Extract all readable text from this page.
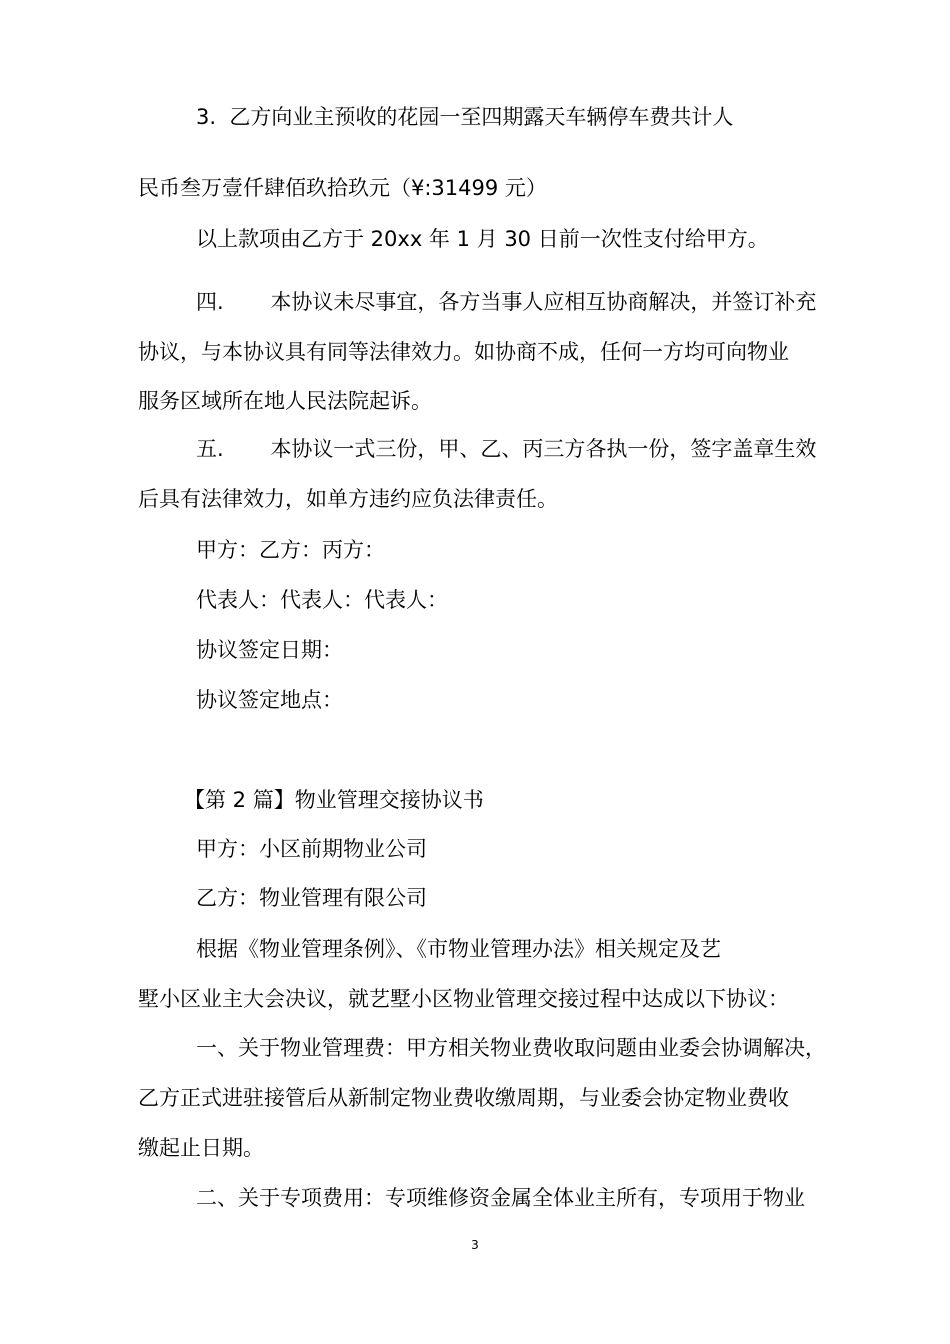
3.  乙方向业主预收的花园一至四期露天车辆停车费共计人
民币叁万壹仟肆佰玖拾玖元（¥:31499 元）
以上款项由乙方于 20xx 年 1 月 30 日前一次性支付给甲方。
四.       本协议未尽事宜，各方当事人应相互协商解决，并签订补充
协议，与本协议具有同等法律效力。如协商不成，任何一方均可向物业
服务区域所在地人民法院起诉。
五.       本协议一式三份，甲、乙、丙三方各执一份，签字盖章生效
后具有法律效力，如单方违约应负法律责任。
甲方：乙方：丙方：
代表人：代表人：代表人：
协议签定日期：
协议签定地点：
【第 2 篇】物业管理交接协议书
甲方：小区前期物业公司
乙方：物业管理有限公司
根据《物业管理条例》、《市物业管理办法》相关规定及艺
墅小区业主大会决议，就艺墅小区物业管理交接过程中达成以下协议：
一、关于物业管理费：甲方相关物业费收取问题由业委会协调解决，
乙方正式进驻接管后从新制定物业费收缴周期，与业委会协定物业费收
缴起止日期。
二、关于专项费用：专项维修资金属全体业主所有，专项用于物业
3
